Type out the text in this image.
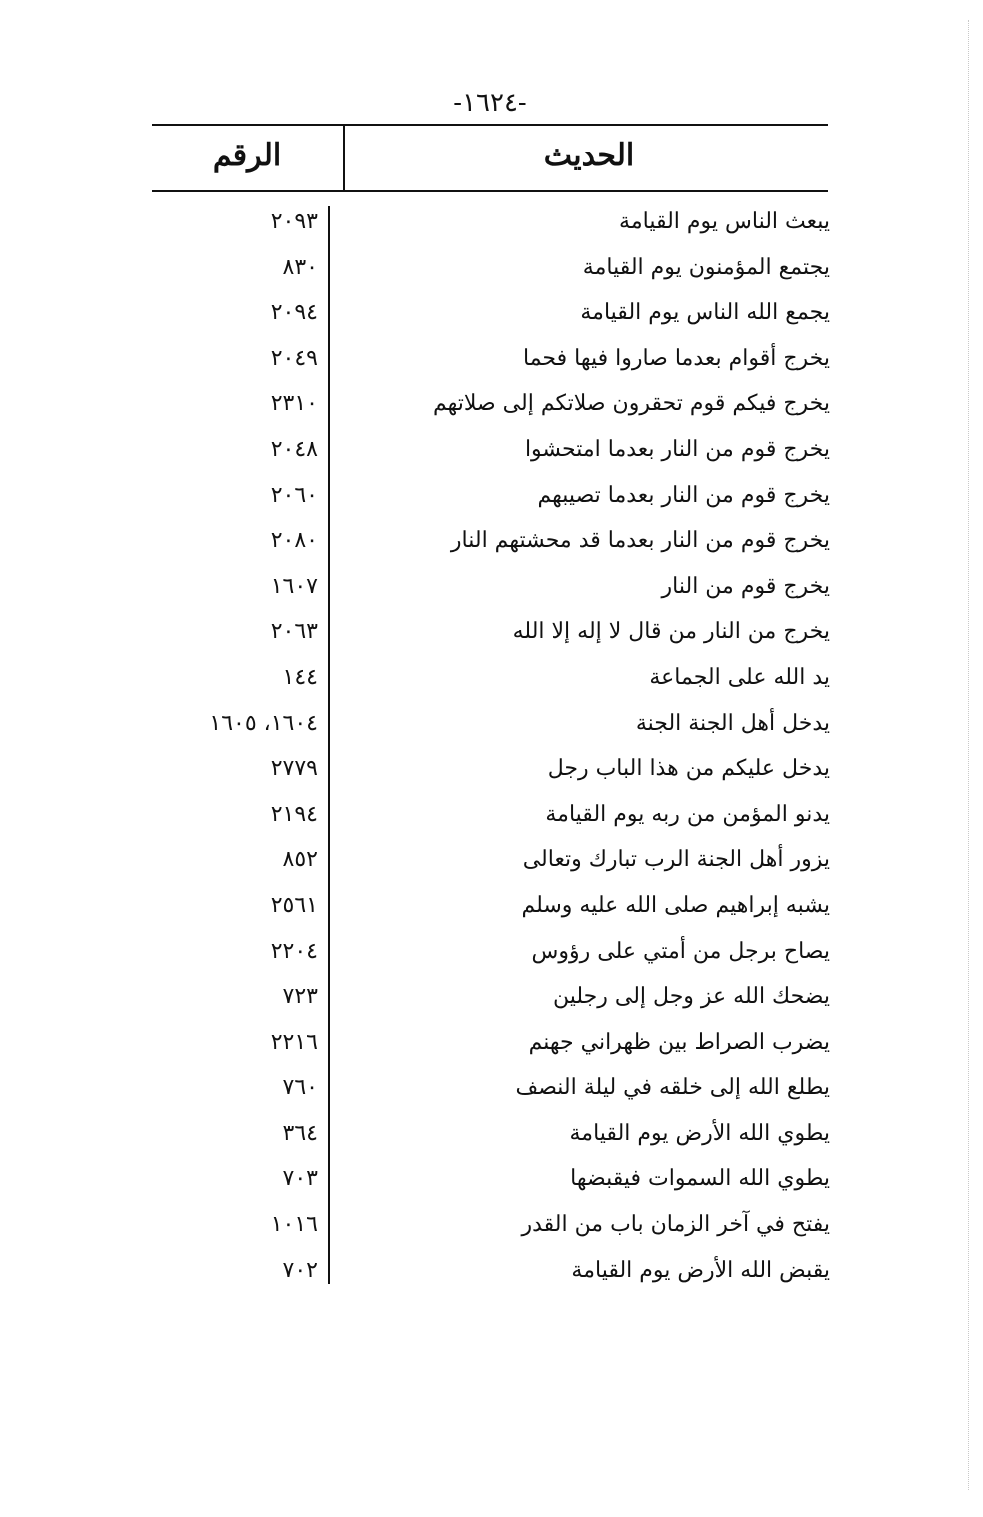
-١٦٢٤-
الحديث
الرقم
يبعث الناس يوم القيامة
٢٠٩٣
يجتمع المؤمنون يوم القيامة
٨٣٠
يجمع الله الناس يوم القيامة
٢٠٩٤
يخرج أقوام بعدما صاروا فيها فحما
٢٠٤٩
يخرج فيكم قوم تحقرون صلاتكم إلى صلاتهم
٢٣١٠
يخرج قوم من النار بعدما امتحشوا
٢٠٤٨
يخرج قوم من النار بعدما تصيبهم
٢٠٦٠
يخرج قوم من النار بعدما قد محشتهم النار
٢٠٨٠
يخرج قوم من النار
١٦٠٧
يخرج من النار من قال لا إله إلا الله
٢٠٦٣
يد الله على الجماعة
١٤٤
يدخل أهل الجنة الجنة
١٦٠٤، ١٦٠٥
يدخل عليكم من هذا الباب رجل
٢٧٧٩
يدنو المؤمن من ربه يوم القيامة
٢١٩٤
يزور أهل الجنة الرب تبارك وتعالى
٨٥٢
يشبه إبراهيم صلى الله عليه وسلم
٢٥٦١
يصاح برجل من أمتي على رؤوس
٢٢٠٤
يضحك الله عز وجل إلى رجلين
٧٢٣
يضرب الصراط بين ظهراني جهنم
٢٢١٦
يطلع الله إلى خلقه في ليلة النصف
٧٦٠
يطوي الله الأرض يوم القيامة
٣٦٤
يطوي الله السموات فيقبضها
٧٠٣
يفتح في آخر الزمان باب من القدر
١٠١٦
يقبض الله الأرض يوم القيامة
٧٠٢
